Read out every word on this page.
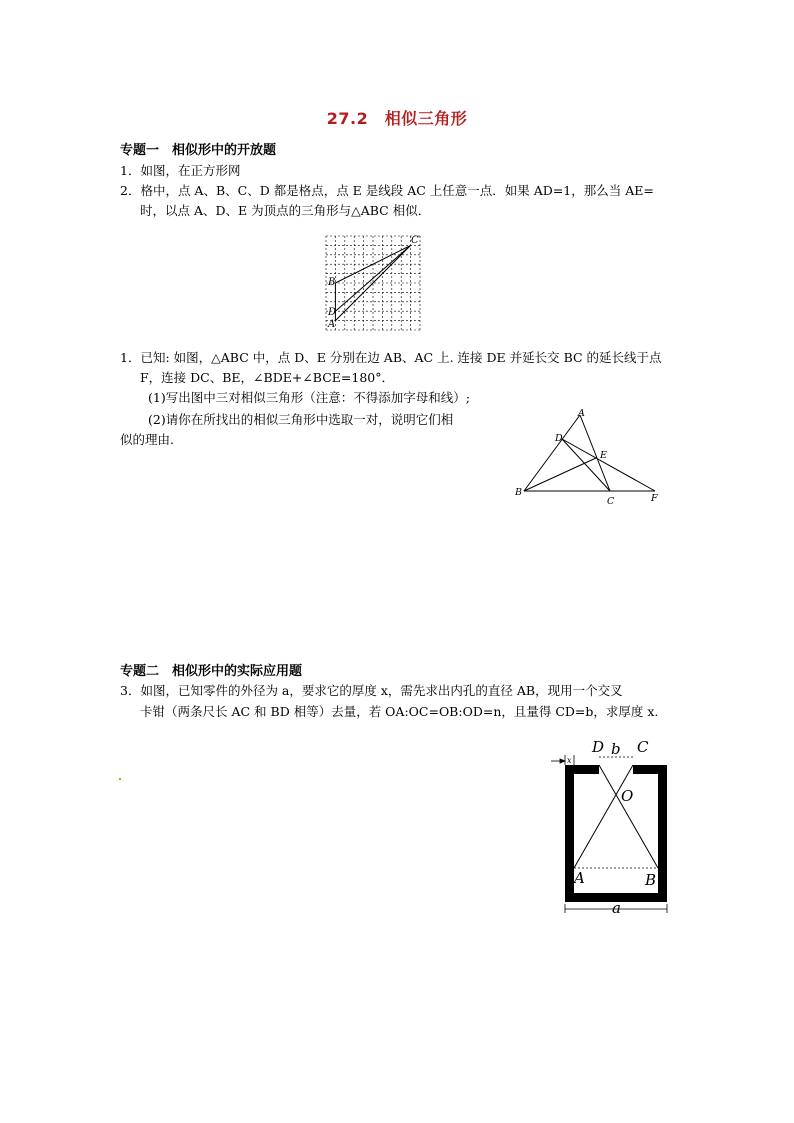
27.2　相似三角形
专题一　相似形中的开放题
1．如图，在正方形网
2．格中，点 A、B、C、D 都是格点，点 E 是线段 AC 上任意一点．如果 AD=1，那么当 AE=
时，以点 A、D、E 为顶点的三角形与△ABC 相似．
C
B
D
A
1．已知: 如图，△ABC 中，点 D、E 分别在边 AB、AC 上. 连接 DE 并延长交 BC 的延长线于点
F，连接 DC、BE，∠BDE+∠BCE=180°．
(1)写出图中三对相似三角形（注意：不得添加字母和线）;
(2)请你在所找出的相似三角形中选取一对，说明它们相
似的理由.
A
D
E
B
C	F
专题二　相似形中的实际应用题
3．如图，已知零件的外径为 a，要求它的厚度 x，需先求出内孔的直径 AB，现用一个交叉
卡钳（两条尺长 AC 和 BD 相等）去量，若 OA:OC=OB:OD=n，且量得 CD=b，求厚度 x.
x
D b C
O
A	B
a
